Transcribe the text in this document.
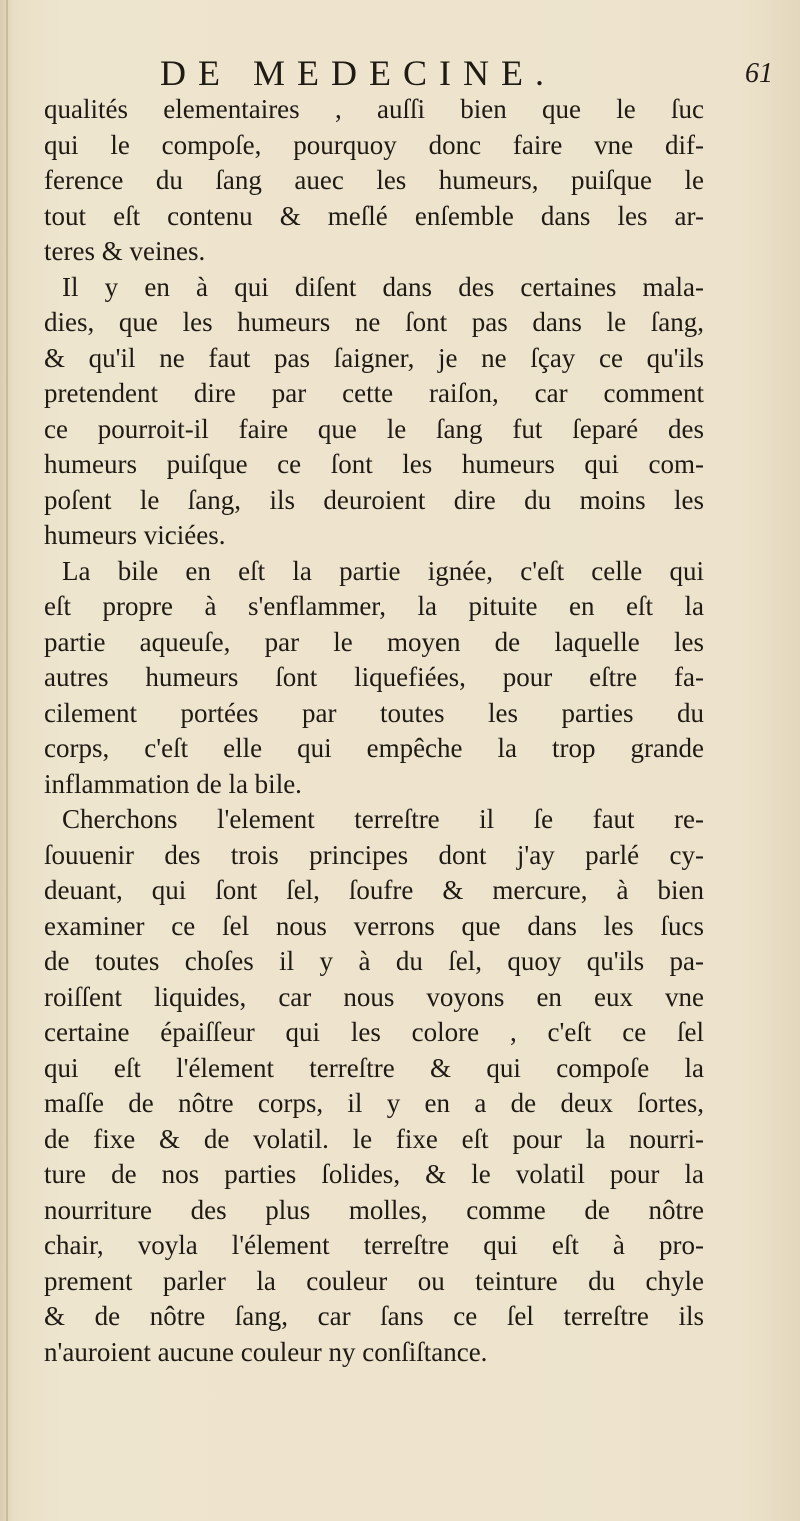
DE MEDECINE.	61
qualités elementaires , auſſi bien que le ſuc
qui le compoſe, pourquoy donc faire vne dif-
ference du ſang auec les humeurs, puiſque le
tout eſt contenu & meſlé enſemble dans les ar-
teres & veines.
Il y en à qui diſent dans des certaines mala-
dies, que les humeurs ne ſont pas dans le ſang,
& qu'il ne faut pas ſaigner, je ne ſçay ce qu'ils
pretendent dire par cette raiſon, car comment
ce pourroit-il faire que le ſang fut ſeparé des
humeurs puiſque ce ſont les humeurs qui com-
poſent le ſang, ils deuroient dire du moins les
humeurs viciées.
La bile en eſt la partie ignée, c'eſt celle qui
eſt propre à s'enflammer, la pituite en eſt la
partie aqueuſe, par le moyen de laquelle les
autres humeurs ſont liquefiées, pour eſtre fa-
cilement portées par toutes les parties du
corps, c'eſt elle qui empêche la trop grande
inflammation de la bile.
Cherchons l'element terreſtre il ſe faut re-
ſouuenir des trois principes dont j'ay parlé cy-
deuant, qui ſont ſel, ſoufre & mercure, à bien
examiner ce ſel nous verrons que dans les ſucs
de toutes choſes il y à du ſel, quoy qu'ils pa-
roiſſent liquides, car nous voyons en eux vne
certaine épaiſſeur qui les colore , c'eſt ce ſel
qui eſt l'élement terreſtre & qui compoſe la
maſſe de nôtre corps, il y en a de deux ſortes,
de fixe & de volatil. le fixe eſt pour la nourri-
ture de nos parties ſolides, & le volatil pour la
nourriture des plus molles, comme de nôtre
chair, voyla l'élement terreſtre qui eſt à pro-
prement parler la couleur ou teinture du chyle
& de nôtre ſang, car ſans ce ſel terreſtre ils
n'auroient aucune couleur ny conſiſtance.
